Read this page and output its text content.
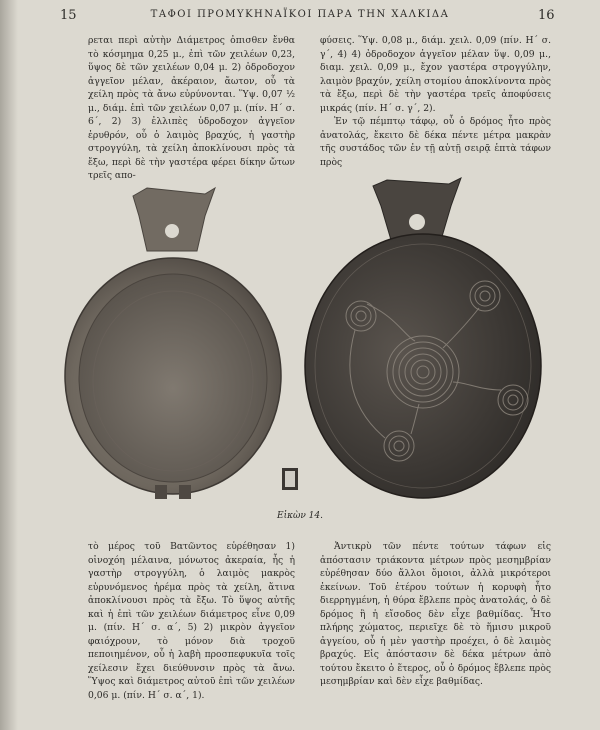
15	ΤΑΦΟΙ ΠΡΟΜΥΚΗΝΑΪΚΟΙ ΠΑΡΑ ΤΗΝ ΧΑΛΚΙΔΑ	16

ρεται περὶ αὐτὴν Διάμετρος ὀπισθεν ἔνθα τὸ κόσμημα 0,25 μ., ἐπὶ τῶν χειλέων 0,23, ὕψος δὲ τῶν χειλέων 0,04 μ. 2) ὀδροδοχον ἀγγεῖον μέλαν, ἀκέραιον, ἄωτον, οὗ τὰ χείλη πρὸς τὰ ἄνω εὐρύνονται. Ὕψ. 0,07 ½ μ., διάμ. ἐπὶ τῶν χειλέων 0,07 μ. (πίν. Η΄ σ. 6΄, 2) 3) ἐλλιπὲς ὑδροδοχον ἀγγεῖον ἐρυθρόν, οὗ ὁ λαιμὸς βραχύς, ἡ γαστὴρ στρογγύλη, τὰ χείλη ἀποκλίνουσι πρὸς τὰ ἔξω, περὶ δὲ τὴν γαστέρα φέρει δίκην ὤτων τρεῖς απο-

φύσεις. Ὕψ. 0,08 μ., διάμ. χειλ. 0,09 (πίν. Η΄ σ. γ΄, 4) 4) ὀδροδοχον ἀγγεῖον μέλαν ὕψ. 0,09 μ., διαμ. χειλ. 0,09 μ., ἔχον γαστέρα στρογγύλην, λαιμὸν βραχύν, χείλη στομίου ἀποκλίνοντα πρὸς τὰ ἔξω, περὶ δὲ τὴν γαστέρα τρεῖς ἀποφύσεις μικράς (πίν. Η΄ σ. γ΄, 2).

Ἐν τῷ πέμπτῳ τάφῳ, οὗ ὁ δρόμος ἦτο πρὸς ἀνατολάς, ἔκειτο δὲ δέκα πέντε μέτρα μακρὰν τῆς συστάδος τῶν ἐν τῇ αὐτῇ σειρᾷ ἑπτὰ τάφων πρὸς

Εἰκὼν 14.

τὸ μέρος τοῦ Βατῶντος εὑρέθησαν 1) οἰνοχόη μέλαινα, μόνωτος ἀκεραία, ἧς ἡ γαστὴρ στρογγύλη, ὁ λαιμὸς μακρὸς εὐρυνόμενος ἠρέμα πρὸς τὰ χείλη, ἅτινα ἀποκλίνουσι πρὸς τὰ ἔξω. Τὸ ὕψος αὐτῆς καὶ ἡ ἐπὶ τῶν χειλέων διάμετρος εἶνε 0,09 μ. (πίν. Η΄ σ. α΄, 5) 2) μικρὸν ἀγγεῖον φαιόχρουν, τὸ μόνον διὰ τροχοῦ πεποιημένον, οὗ ἡ λαβὴ προσπεφυκυῖα τοῖς χείλεσιν ἔχει διεύθυνσιν πρὸς τὰ ἄνω. Ὕψος καὶ διάμετρος αὐτοῦ ἐπὶ τῶν χειλέων 0,06 μ. (πίν. Η΄ σ. α΄, 1).

Ἀντικρὺ τῶν πέντε τούτων τάφων εἰς ἀπόστασιν τριάκοντα μέτρων πρὸς μεσημβρίαν εὑρέθησαν δύο ἄλλοι ὅμοιοι, ἀλλὰ μικρότεροι ἐκείνων. Τοῦ ἑτέρου τούτων ἡ κορυφὴ ἦτο διερρηγμένη, ἡ θύρα ἔβλεπε πρὸς ἀνατολάς, ὁ δὲ δρόμος ἢ ἡ εἴσοδος δὲν εἶχε βαθμίδας. Ἦτο πλήρης χώματος, περιεῖχε δὲ τὸ ἥμισυ μικροῦ ἀγγείου, οὗ ἡ μὲν γαστὴρ προέχει, ὁ δὲ λαιμὸς βραχύς. Εἰς ἀπόστασιν δὲ δέκα μέτρων ἀπὸ τούτου ἔκειτο ὁ ἕτερος, οὗ ὁ δρόμος ἔβλεπε πρὸς μεσημβρίαν καὶ δὲν εἶχε βαθμίδας.
